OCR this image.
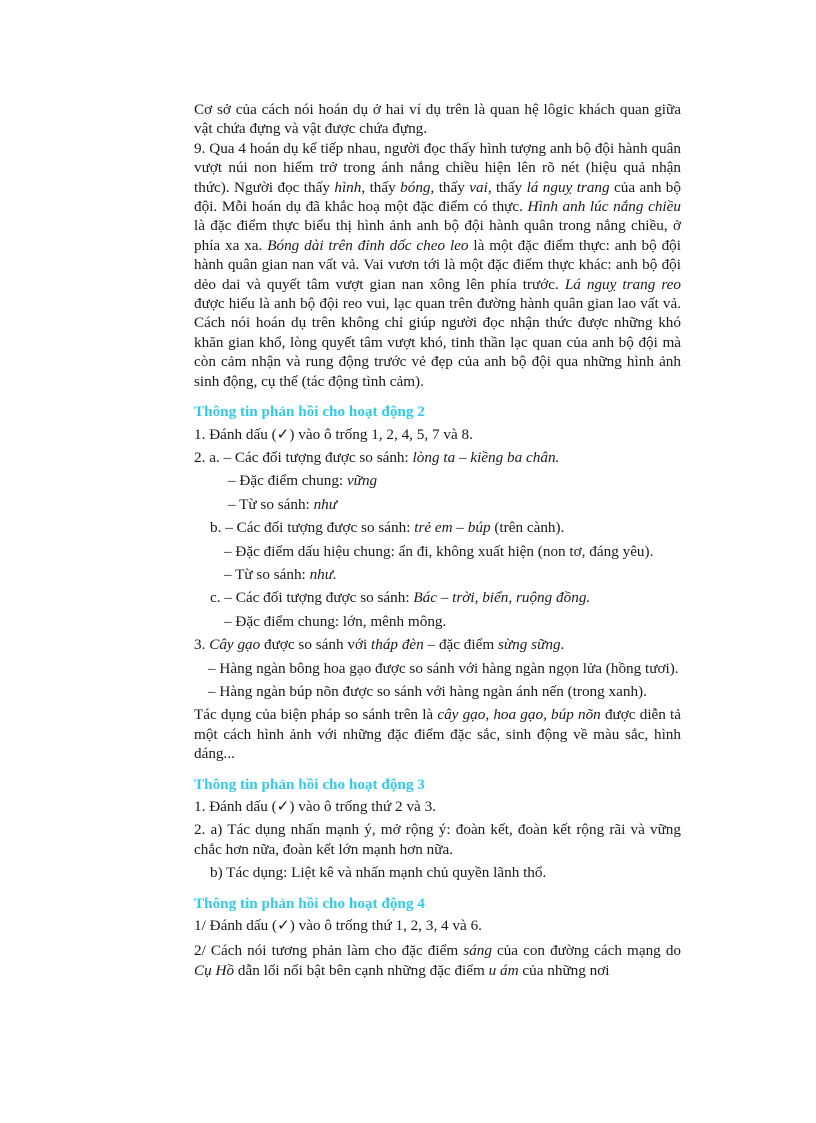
Cơ sở của cách nói hoán dụ ở hai ví dụ trên là quan hệ lôgic khách quan giữa vật chứa đựng và vật được chứa đựng.

9. Qua 4 hoán dụ kế tiếp nhau, người đọc thấy hình tượng anh bộ đội hành quân vượt núi non hiểm trở trong ánh nắng chiều hiện lên rõ nét (hiệu quả nhận thức). Người đọc thấy hình, thấy bóng, thấy vai, thấy lá nguỵ trang của anh bộ đội. Mỗi hoán dụ đã khắc hoạ một đặc điểm có thực. Hình anh lúc nắng chiều là đặc điểm thực biểu thị hình ảnh anh bộ đội hành quân trong nắng chiều, ở phía xa xa. Bóng dài trên đỉnh dốc cheo leo là một đặc điểm thực: anh bộ đội hành quân gian nan vất vả. Vai vươn tới là một đặc điểm thực khác: anh bộ đội dẻo dai và quyết tâm vượt gian nan xông lên phía trước. Lá nguỵ trang reo được hiểu là anh bộ đội reo vui, lạc quan trên đường hành quân gian lao vất vả. Cách nói hoán dụ trên không chỉ giúp người đọc nhận thức được những khó khăn gian khổ, lòng quyết tâm vượt khó, tinh thần lạc quan của anh bộ đội mà còn cảm nhận và rung động trước vẻ đẹp của anh bộ đội qua những hình ảnh sinh động, cụ thể (tác động tình cảm).

Thông tin phản hồi cho hoạt động 2

1. Đánh dấu (✓) vào ô trống 1, 2, 4, 5, 7 và 8.

2. a. – Các đối tượng được so sánh: lòng ta – kiềng ba chân.

– Đặc điểm chung: vững

– Từ so sánh: như

b. – Các đối tượng được so sánh: trẻ em – búp (trên cành).

– Đặc điểm dấu hiệu chung: ẩn đi, không xuất hiện (non tơ, đáng yêu).

– Từ so sánh: như.

c. – Các đối tượng được so sánh: Bác – trời, biển, ruộng đồng.

– Đặc điểm chung: lớn, mênh mông.

3. Cây gạo được so sánh với tháp đèn – đặc điểm sừng sững.

– Hàng ngàn bông hoa gạo được so sánh với hàng ngàn ngọn lửa (hồng tươi).

– Hàng ngàn búp nõn được so sánh với hàng ngàn ánh nến (trong xanh).

Tác dụng của biện pháp so sánh trên là cây gạo, hoa gạo, búp nõn được diễn tả một cách hình ảnh với những đặc điểm đặc sắc, sinh động về màu sắc, hình dáng...

Thông tin phản hồi cho hoạt động 3

1. Đánh dấu (✓) vào ô trống thứ 2 và 3.

2. a) Tác dụng nhấn mạnh ý, mở rộng ý: đoàn kết, đoàn kết rộng rãi và vững chắc hơn nữa, đoàn kết lớn mạnh hơn nữa.

b) Tác dụng: Liệt kê và nhấn mạnh chủ quyền lãnh thổ.

Thông tin phản hồi cho hoạt động 4

1/ Đánh dấu (✓) vào ô trống thứ 1, 2, 3, 4 và 6.

2/ Cách nói tương phản làm cho đặc điểm sáng của con đường cách mạng do Cụ Hồ dẫn lối nổi bật bên cạnh những đặc điểm u ám của những nơi
